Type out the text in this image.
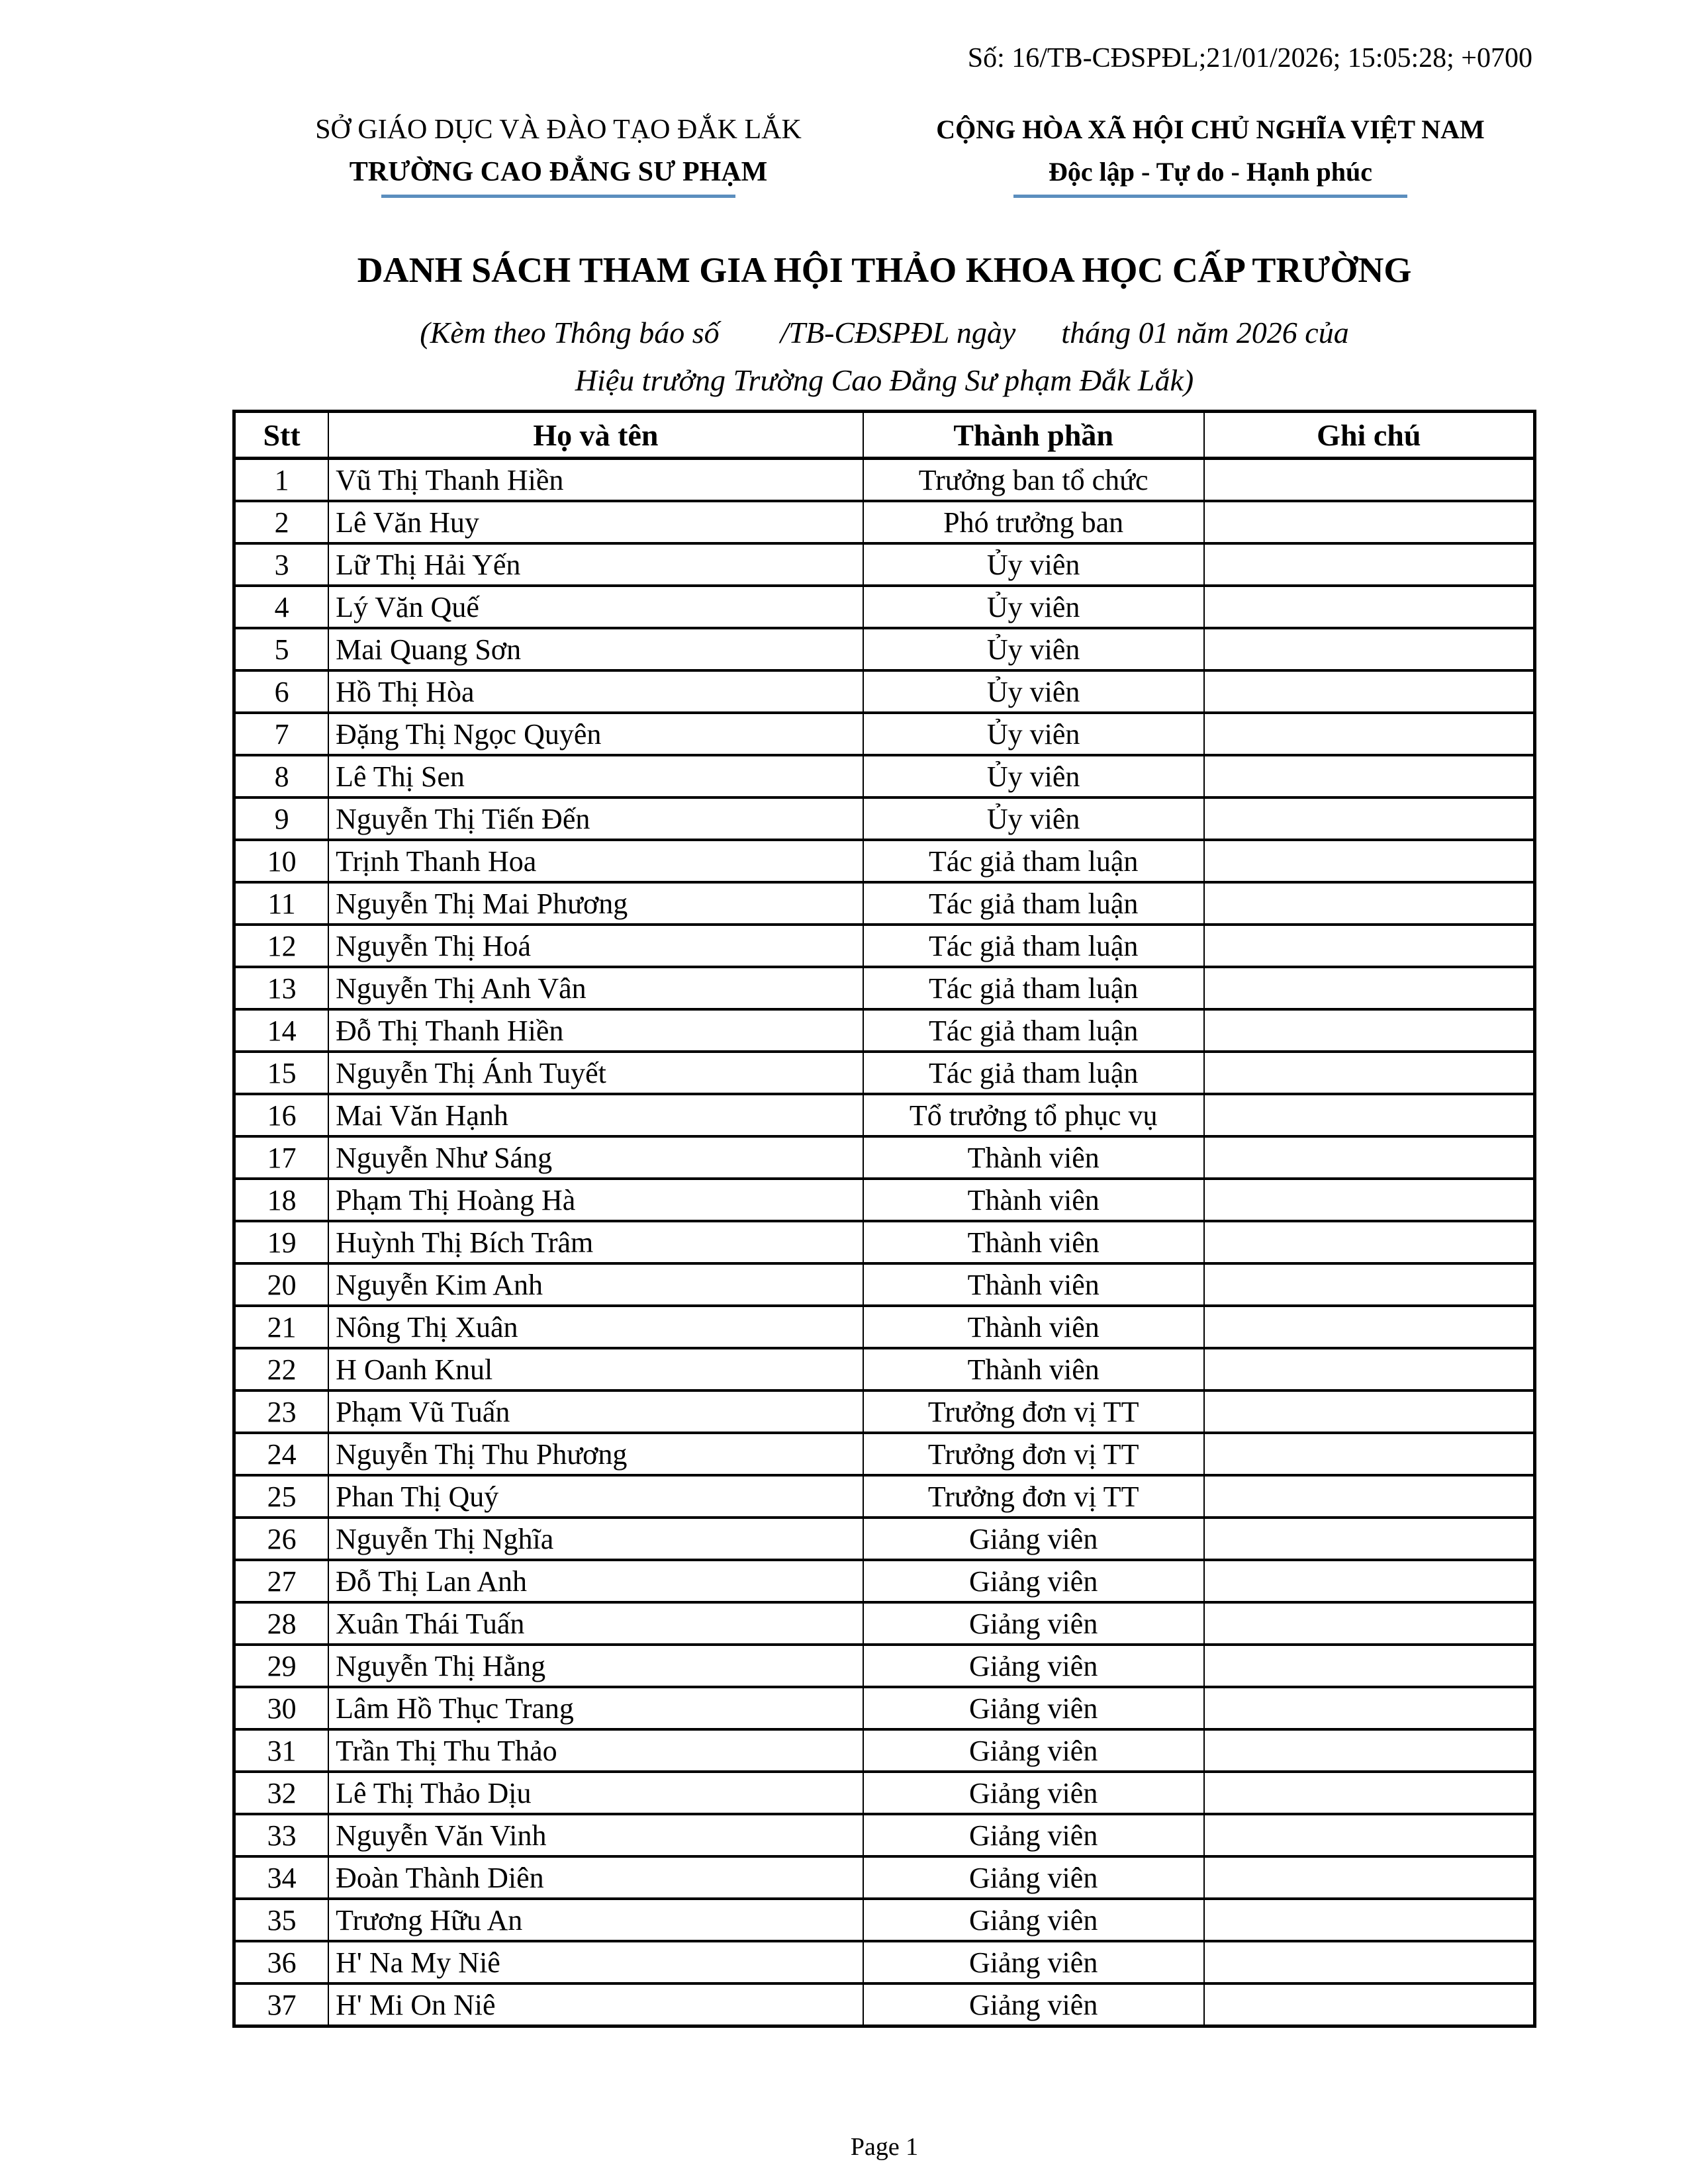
Số: 16/TB-CĐSPĐL;21/01/2026; 15:05:28; +0700
SỞ GIÁO DỤC VÀ ĐÀO TẠO ĐẮK LẮK
TRƯỜNG CAO ĐẲNG SƯ PHẠM
CỘNG HÒA XÃ HỘI CHỦ NGHĨA VIỆT NAM
Độc lập - Tự do - Hạnh phúc
DANH SÁCH THAM GIA HỘI THẢO KHOA HỌC CẤP TRƯỜNG
(Kèm theo Thông báo số        /TB-CĐSPĐL ngày      tháng 01 năm 2026 của
Hiệu trưởng Trường Cao Đẳng Sư phạm Đắk Lắk)
Stt	Họ và tên	Thành phần	Ghi chú
1	Vũ Thị Thanh Hiền	Trưởng ban tổ chức	
2	Lê Văn Huy	Phó trưởng ban	
3	Lữ Thị Hải Yến	Ủy viên	
4	Lý Văn Quế	Ủy viên	
5	Mai Quang Sơn	Ủy viên	
6	Hồ Thị Hòa	Ủy viên	
7	Đặng Thị Ngọc Quyên	Ủy viên	
8	Lê Thị Sen	Ủy viên	
9	Nguyễn Thị Tiến Đến	Ủy viên	
10	Trịnh Thanh Hoa	Tác giả tham luận	
11	Nguyễn Thị Mai Phương	Tác giả tham luận	
12	Nguyễn Thị Hoá	Tác giả tham luận	
13	Nguyễn Thị Anh Vân	Tác giả tham luận	
14	Đỗ Thị Thanh Hiền	Tác giả tham luận	
15	Nguyễn Thị Ánh Tuyết	Tác giả tham luận	
16	Mai Văn Hạnh	Tổ trưởng tổ phục vụ	
17	Nguyễn Như Sáng	Thành viên	
18	Phạm Thị Hoàng Hà	Thành viên	
19	Huỳnh Thị Bích Trâm	Thành viên	
20	Nguyễn Kim Anh	Thành viên	
21	Nông Thị Xuân	Thành viên	
22	H Oanh Knul	Thành viên	
23	Phạm Vũ Tuấn	Trưởng đơn vị TT	
24	Nguyễn Thị Thu Phương	Trưởng đơn vị TT	
25	Phan Thị Quý	Trưởng đơn vị TT	
26	Nguyễn Thị Nghĩa	Giảng viên	
27	Đỗ Thị Lan Anh	Giảng viên	
28	Xuân Thái Tuấn	Giảng viên	
29	Nguyễn Thị Hằng	Giảng viên	
30	Lâm Hồ Thục Trang	Giảng viên	
31	Trần Thị Thu Thảo	Giảng viên	
32	Lê Thị Thảo Dịu	Giảng viên	
33	Nguyễn Văn Vinh	Giảng viên	
34	Đoàn Thành Diên	Giảng viên	
35	Trương Hữu An	Giảng viên	
36	H' Na My Niê	Giảng viên	
37	H' Mi On Niê	Giảng viên	
Page 1
